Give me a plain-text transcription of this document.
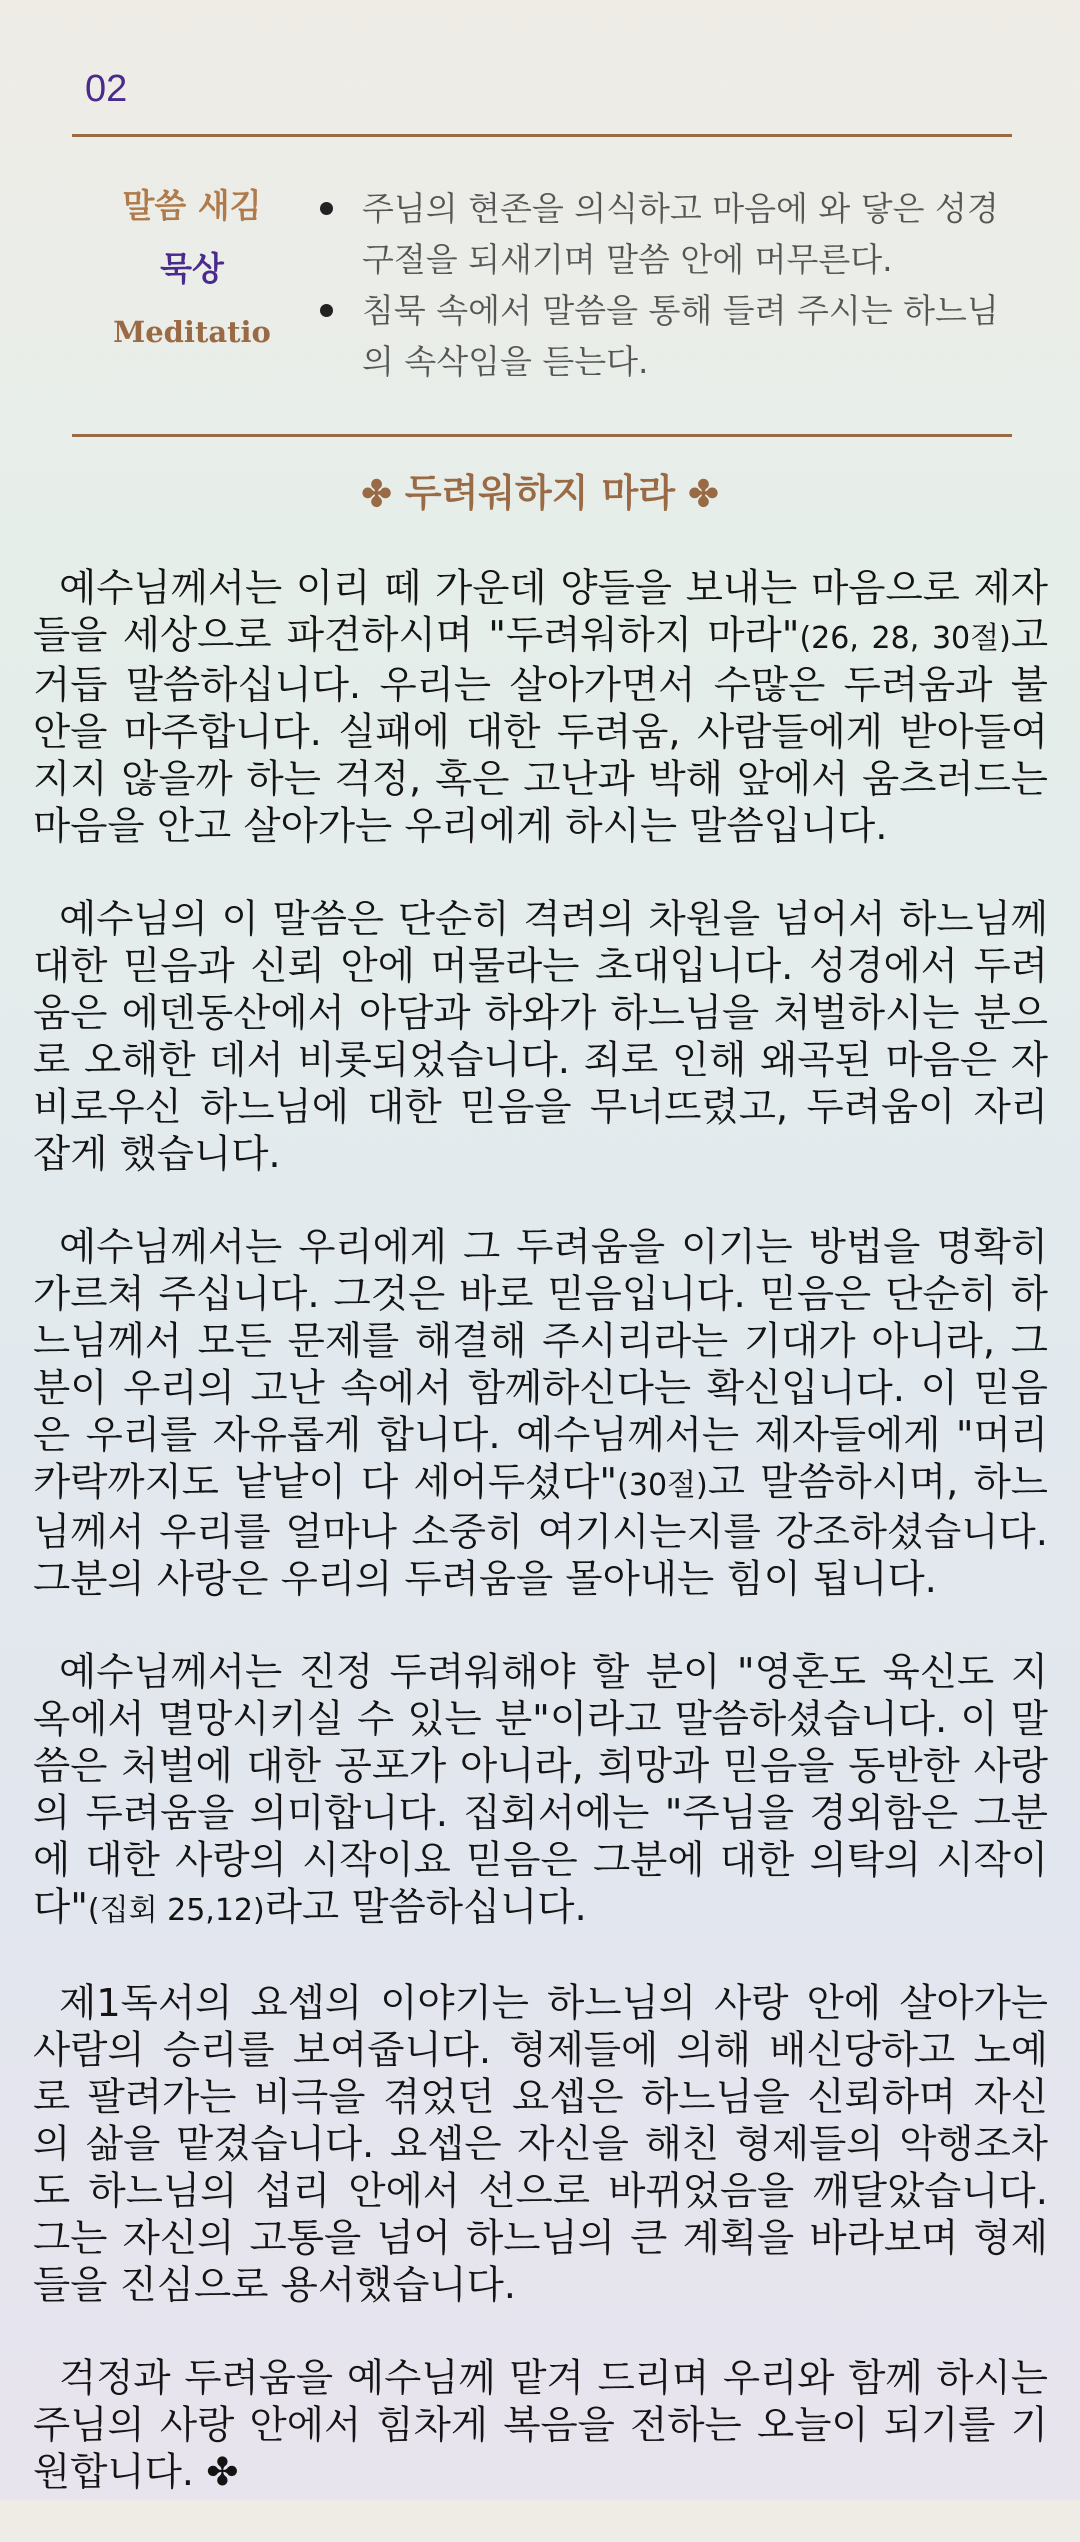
02
말씀 새김
묵상
Meditatio
주님의 현존을 의식하고 마음에 와 닿은 성경구절을 되새기며 말씀 안에 머무른다.
침묵 속에서 말씀을 통해 들려 주시는 하느님의 속삭임을 듣는다.
✤ 두려워하지 마라 ✤

예수님께서는 이리 떼 가운데 양들을 보내는 마음으로 제자들을 세상으로 파견하시며 "두려워하지 마라"(26, 28, 30절)고 거듭 말씀하십니다. 우리는 살아가면서 수많은 두려움과 불안을 마주합니다. 실패에 대한 두려움, 사람들에게 받아들여지지 않을까 하는 걱정, 혹은 고난과 박해 앞에서 움츠러드는 마음을 안고 살아가는 우리에게 하시는 말씀입니다.

예수님의 이 말씀은 단순히 격려의 차원을 넘어서 하느님께 대한 믿음과 신뢰 안에 머물라는 초대입니다. 성경에서 두려움은 에덴동산에서 아담과 하와가 하느님을 처벌하시는 분으로 오해한 데서 비롯되었습니다. 죄로 인해 왜곡된 마음은 자비로우신 하느님에 대한 믿음을 무너뜨렸고, 두려움이 자리잡게 했습니다.

예수님께서는 우리에게 그 두려움을 이기는 방법을 명확히 가르쳐 주십니다. 그것은 바로 믿음입니다. 믿음은 단순히 하느님께서 모든 문제를 해결해 주시리라는 기대가 아니라, 그분이 우리의 고난 속에서 함께하신다는 확신입니다. 이 믿음은 우리를 자유롭게 합니다. 예수님께서는 제자들에게 "머리카락까지도 낱낱이 다 세어두셨다"(30절)고 말씀하시며, 하느님께서 우리를 얼마나 소중히 여기시는지를 강조하셨습니다. 그분의 사랑은 우리의 두려움을 몰아내는 힘이 됩니다.

예수님께서는 진정 두려워해야 할 분이 "영혼도 육신도 지옥에서 멸망시키실 수 있는 분"이라고 말씀하셨습니다. 이 말씀은 처벌에 대한 공포가 아니라, 희망과 믿음을 동반한 사랑의 두려움을 의미합니다. 집회서에는 "주님을 경외함은 그분에 대한 사랑의 시작이요 믿음은 그분에 대한 의탁의 시작이다"(집회 25,12)라고 말씀하십니다.

제1독서의 요셉의 이야기는 하느님의 사랑 안에 살아가는 사람의 승리를 보여줍니다. 형제들에 의해 배신당하고 노예로 팔려가는 비극을 겪었던 요셉은 하느님을 신뢰하며 자신의 삶을 맡겼습니다. 요셉은 자신을 해친 형제들의 악행조차도 하느님의 섭리 안에서 선으로 바뀌었음을 깨달았습니다. 그는 자신의 고통을 넘어 하느님의 큰 계획을 바라보며 형제들을 진심으로 용서했습니다.

걱정과 두려움을 예수님께 맡겨 드리며 우리와 함께 하시는 주님의 사랑 안에서 힘차게 복음을 전하는 오늘이 되기를 기원합니다. ✤
